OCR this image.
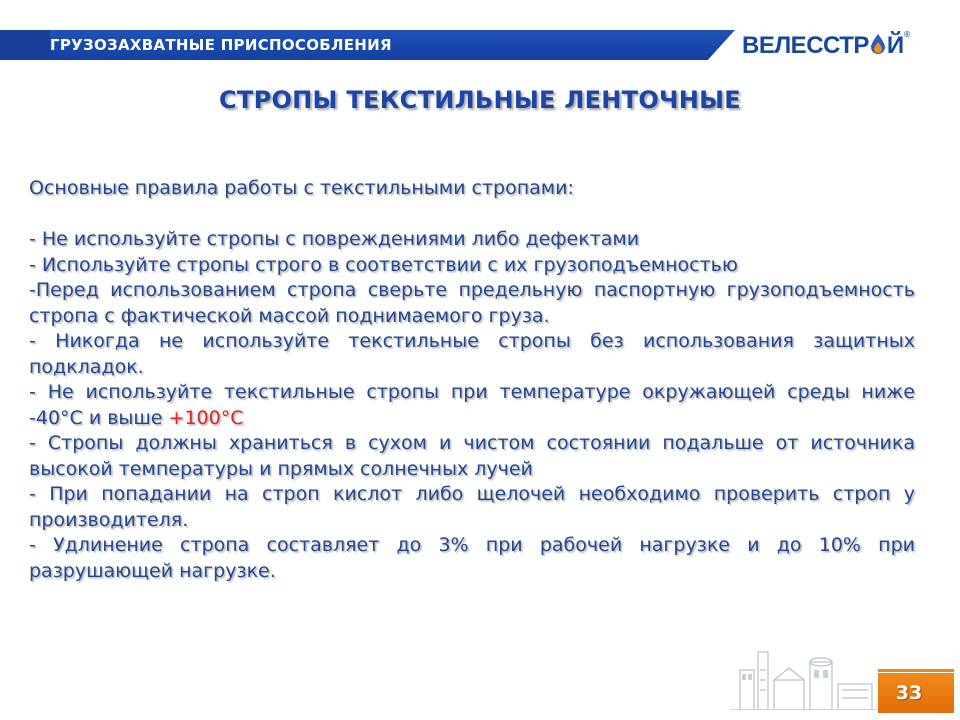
ГРУЗОЗАХВАТНЫЕ ПРИСПОСОБЛЕНИЯ	ВЕЛЕССТР Й ®
СТРОПЫ ТЕКСТИЛЬНЫЕ ЛЕНТОЧНЫЕ

Основные правила работы с текстильными стропами:

- Не используйте стропы с повреждениями либо дефектами

- Используйте стропы строго в соответствии с их грузоподъемностью

-Перед использованием стропа сверьте предельную паспортную грузоподъемность стропа с фактической массой поднимаемого груза.

- Никогда не используйте текстильные стропы без использования защитных подкладок.

- Не используйте текстильные стропы при температуре окружающей среды ниже -40°С и выше +100°С

- Стропы должны храниться в сухом и чистом состоянии подальше от источника высокой температуры и прямых солнечных лучей

- При попадании на строп кислот либо щелочей необходимо проверить строп у производителя.

- Удлинение стропа составляет до 3% при рабочей нагрузке и до 10% при разрушающей нагрузке.

33
